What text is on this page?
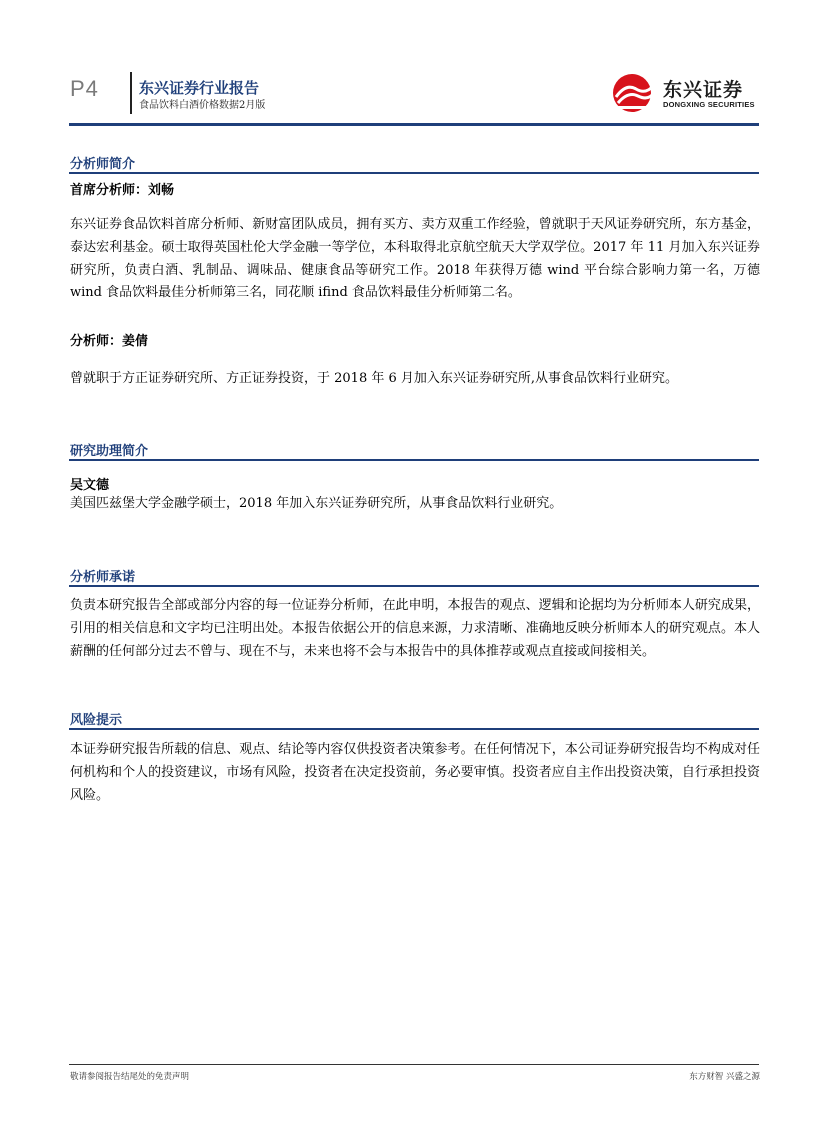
P4	东兴证券行业报告
食品饮料白酒价格数据2月版
东兴证券
DONGXING SECURITIES
分析师简介
首席分析师：刘畅
东兴证券食品饮料首席分析师、新财富团队成员，拥有买方、卖方双重工作经验，曾就职于天风证券研究所，东方基金，泰达宏利基金。硕士取得英国杜伦大学金融一等学位，本科取得北京航空航天大学双学位。2017 年 11 月加入东兴证券研究所，负责白酒、乳制品、调味品、健康食品等研究工作。2018 年获得万德 wind 平台综合影响力第一名，万德 wind 食品饮料最佳分析师第三名，同花顺 ifind 食品饮料最佳分析师第二名。
分析师：姜倩
曾就职于方正证券研究所、方正证券投资，于 2018 年 6 月加入东兴证券研究所,从事食品饮料行业研究。
研究助理简介
吴文德
美国匹兹堡大学金融学硕士，2018 年加入东兴证券研究所，从事食品饮料行业研究。
分析师承诺
负责本研究报告全部或部分内容的每一位证券分析师，在此申明，本报告的观点、逻辑和论据均为分析师本人研究成果，引用的相关信息和文字均已注明出处。本报告依据公开的信息来源，力求清晰、准确地反映分析师本人的研究观点。本人薪酬的任何部分过去不曾与、现在不与，未来也将不会与本报告中的具体推荐或观点直接或间接相关。
风险提示
本证券研究报告所载的信息、观点、结论等内容仅供投资者决策参考。在任何情况下，本公司证券研究报告均不构成对任何机构和个人的投资建议，市场有风险，投资者在决定投资前，务必要审慎。投资者应自主作出投资决策，自行承担投资风险。
敬请参阅报告结尾处的免责声明	东方财智 兴盛之源
